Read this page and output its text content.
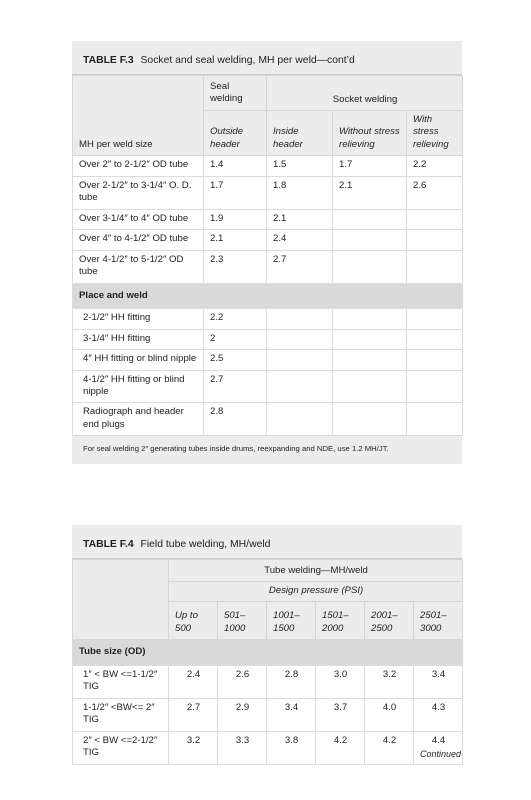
TABLE F.3 Socket and seal welding, MH per weld—cont’d
	Seal welding	Socket welding		
MH per weld size	Outside header	Inside header	Without stress relieving	With stress relieving
Over 2″ to 2-1/2″ OD tube	1.4	1.5	1.7	2.2
Over 2-1/2″ to 3-1/4″ O. D. tube	1.7	1.8	2.1	2.6
Over 3-1/4″ to 4″ OD tube	1.9	2.1		
Over 4″ to 4-1/2″ OD tube	2.1	2.4		
Over 4-1/2″ to 5-1/2″ OD tube	2.3	2.7		
Place and weld				
2-1/2″ HH fitting	2.2			
3-1/4″ HH fitting	2			
4″ HH fitting or blind nipple	2.5			
4-1/2″ HH fitting or blind nipple	2.7			
Radiograph and header end plugs	2.8			
For seal welding 2″ generating tubes inside drums, reexpanding and NDE, use 1.2 MH/JT.
TABLE F.4 Field tube welding, MH/weld
	Tube welding—MH/weld					
	Design pressure (PSI)					
	Up to 500	501–1000	1001–1500	1501–2000	2001–2500	2501–3000
Tube size (OD)						
1″ < BW <=1-1/2″ TIG	2.4	2.6	2.8	3.0	3.2	3.4
1-1/2″ <BW<= 2″ TIG	2.7	2.9	3.4	3.7	4.0	4.3
2″ < BW <=2-1/2″ TIG	3.2	3.3	3.8	4.2	4.2	4.4
Continued
